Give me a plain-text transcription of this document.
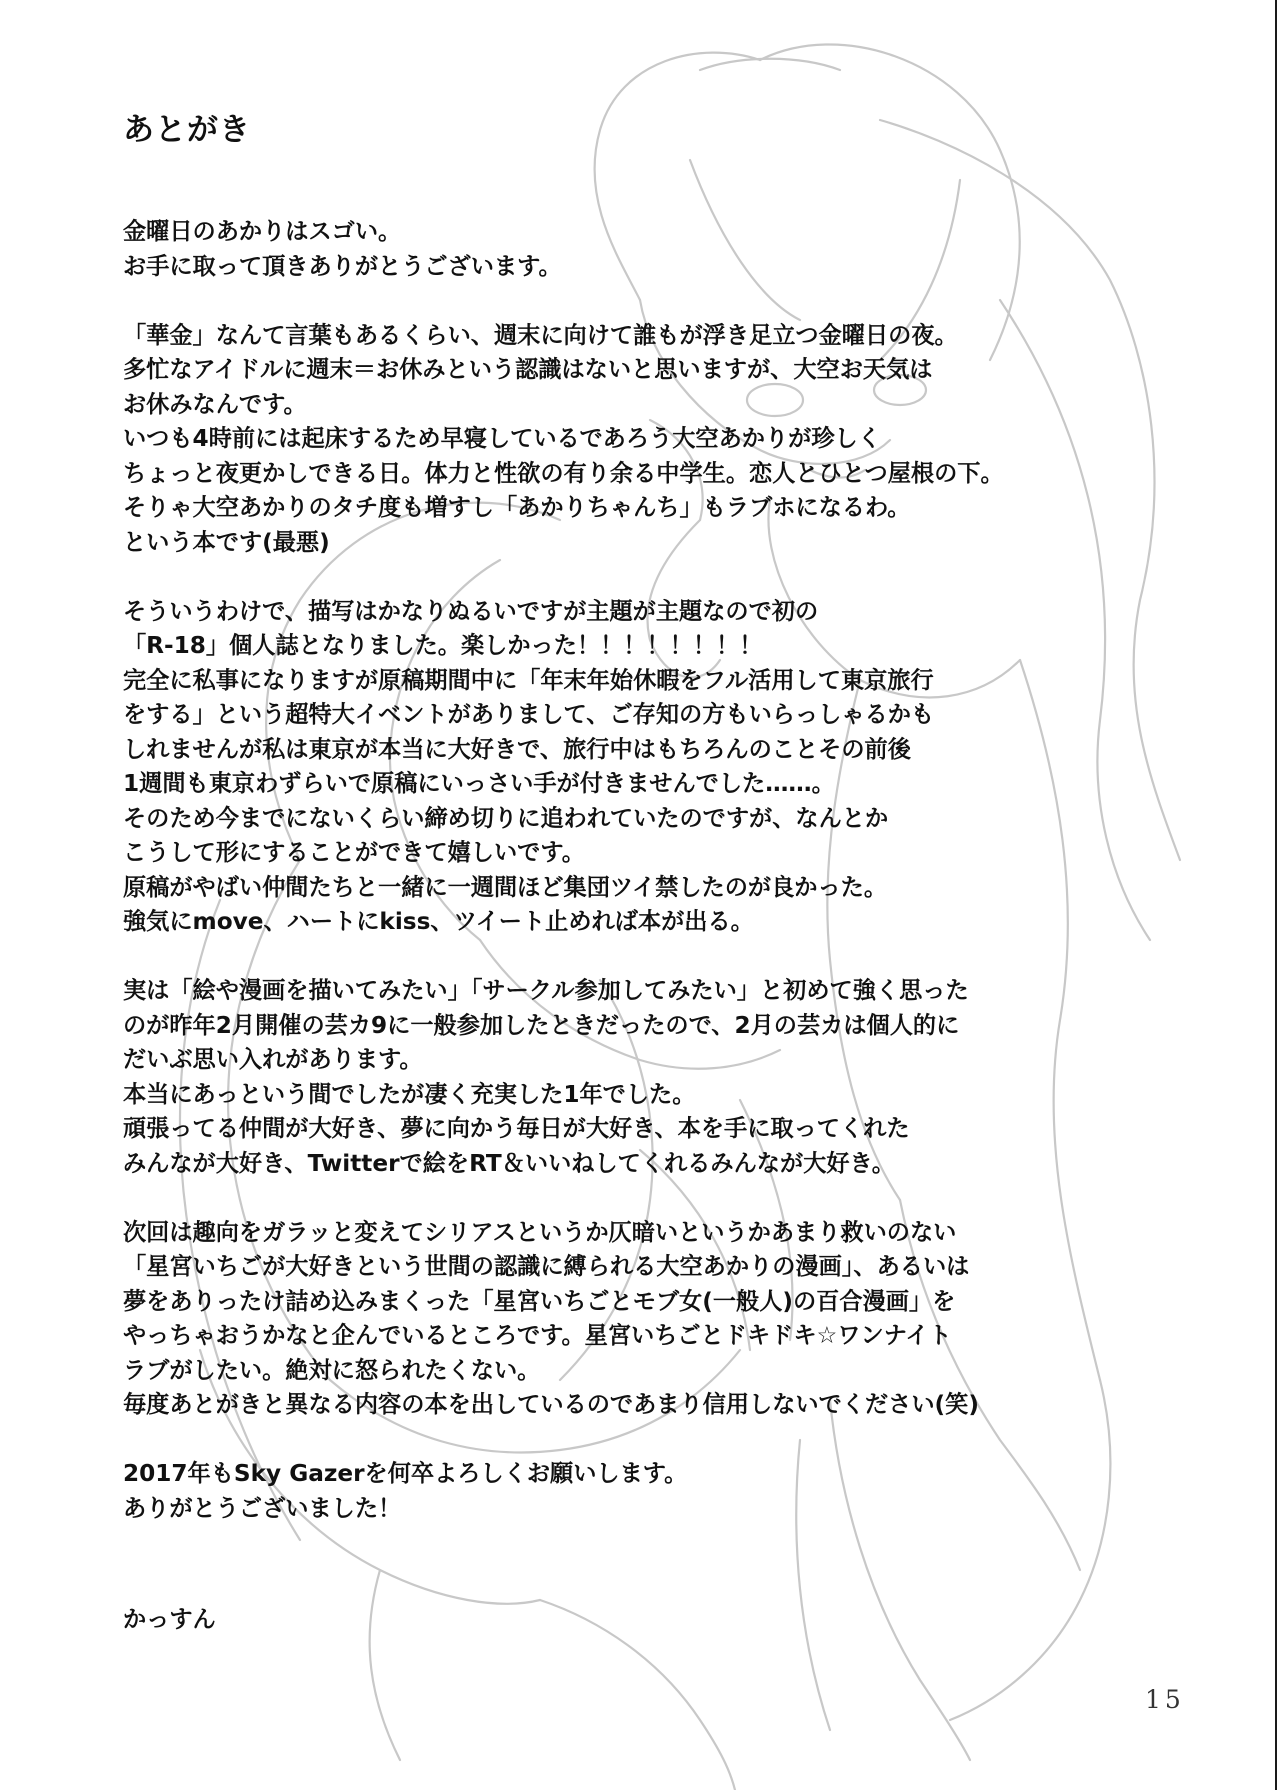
あとがき
金曜日のあかりはスゴい。
お手に取って頂きありがとうございます。
「華金」なんて言葉もあるくらい、週末に向けて誰もが浮き足立つ金曜日の夜。
多忙なアイドルに週末＝お休みという認識はないと思いますが、大空お天気は
お休みなんです。
いつも4時前には起床するため早寝しているであろう大空あかりが珍しく
ちょっと夜更かしできる日。体力と性欲の有り余る中学生。恋人とひとつ屋根の下。
そりゃ大空あかりのタチ度も増すし「あかりちゃんち」もラブホになるわ。
という本です(最悪)
そういうわけで、描写はかなりぬるいですが主題が主題なので初の
「R-18」個人誌となりました。楽しかった！！！！！！！！
完全に私事になりますが原稿期間中に「年末年始休暇をフル活用して東京旅行
をする」という超特大イベントがありまして、ご存知の方もいらっしゃるかも
しれませんが私は東京が本当に大好きで、旅行中はもちろんのことその前後
1週間も東京わずらいで原稿にいっさい手が付きませんでした……。
そのため今までにないくらい締め切りに追われていたのですが、なんとか
こうして形にすることができて嬉しいです。
原稿がやばい仲間たちと一緒に一週間ほど集団ツイ禁したのが良かった。
強気にmove、ハートにkiss、ツイート止めれば本が出る。
実は「絵や漫画を描いてみたい」「サークル参加してみたい」と初めて強く思った
のが昨年2月開催の芸カ9に一般参加したときだったので、2月の芸カは個人的に
だいぶ思い入れがあります。
本当にあっという間でしたが凄く充実した1年でした。
頑張ってる仲間が大好き、夢に向かう毎日が大好き、本を手に取ってくれた
みんなが大好き、Twitterで絵をRT＆いいねしてくれるみんなが大好き。
次回は趣向をガラッと変えてシリアスというか仄暗いというかあまり救いのない
「星宮いちごが大好きという世間の認識に縛られる大空あかりの漫画」、あるいは
夢をありったけ詰め込みまくった「星宮いちごとモブ女(一般人)の百合漫画」を
やっちゃおうかなと企んでいるところです。星宮いちごとドキドキ☆ワンナイト
ラブがしたい。絶対に怒られたくない。
毎度あとがきと異なる内容の本を出しているのであまり信用しないでください(笑)
2017年もSky Gazerを何卒よろしくお願いします。
ありがとうございました！
かっすん
15
